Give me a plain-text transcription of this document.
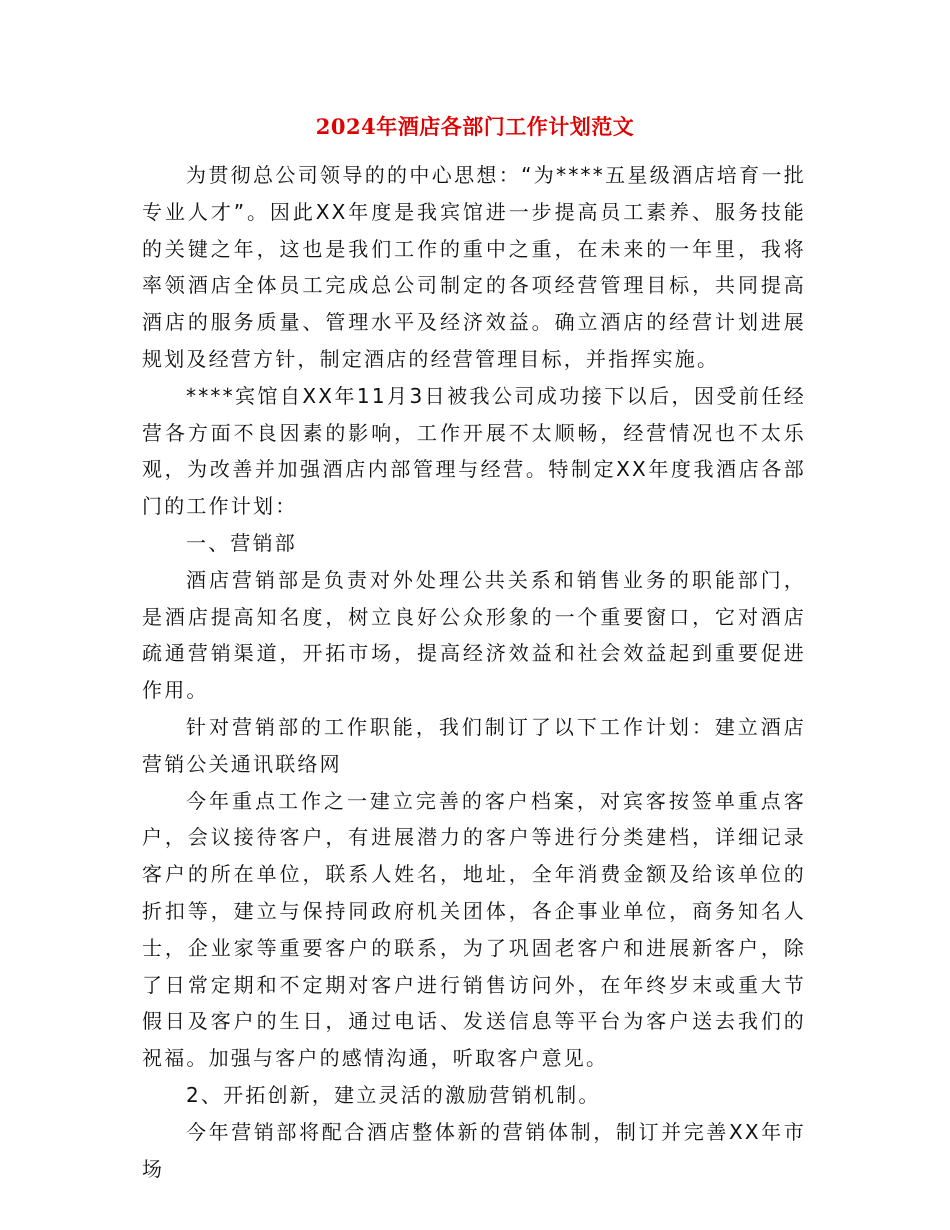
2024年酒店各部门工作计划范文

为贯彻总公司领导的的中心思想：“为****五星级酒店培育一批专业人才”。因此XX年度是我宾馆进一步提高员工素养、服务技能的关键之年，这也是我们工作的重中之重，在未来的一年里，我将率领酒店全体员工完成总公司制定的各项经营管理目标，共同提高酒店的服务质量、管理水平及经济效益。确立酒店的经营计划进展规划及经营方针，制定酒店的经营管理目标，并指挥实施。

****宾馆自XX年11月3日被我公司成功接下以后，因受前任经营各方面不良因素的影响，工作开展不太顺畅，经营情况也不太乐观，为改善并加强酒店内部管理与经营。特制定XX年度我酒店各部门的工作计划：

一、营销部

酒店营销部是负责对外处理公共关系和销售业务的职能部门，是酒店提高知名度，树立良好公众形象的一个重要窗口，它对酒店疏通营销渠道，开拓市场，提高经济效益和社会效益起到重要促进作用。

针对营销部的工作职能，我们制订了以下工作计划：建立酒店营销公关通讯联络网

今年重点工作之一建立完善的客户档案，对宾客按签单重点客户，会议接待客户，有进展潜力的客户等进行分类建档，详细记录客户的所在单位，联系人姓名，地址，全年消费金额及给该单位的折扣等，建立与保持同政府机关团体，各企事业单位，商务知名人士，企业家等重要客户的联系，为了巩固老客户和进展新客户，除了日常定期和不定期对客户进行销售访问外，在年终岁末或重大节假日及客户的生日，通过电话、发送信息等平台为客户送去我们的祝福。加强与客户的感情沟通，听取客户意见。

2、开拓创新，建立灵活的激励营销机制。

今年营销部将配合酒店整体新的营销体制，制订并完善XX年市场
